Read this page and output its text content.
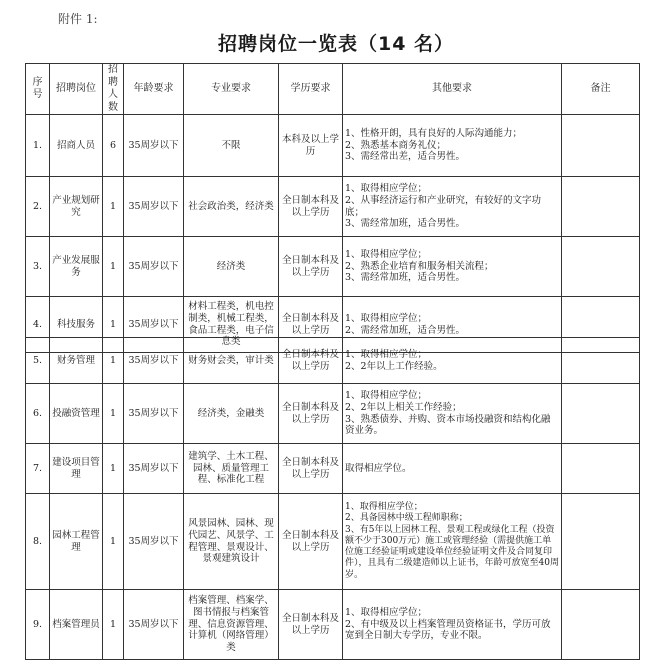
附件 1:
招聘岗位一览表（14 名）
序号	招聘岗位	招聘人数	年龄要求	专业要求	学历要求	其他要求	备注
1.	招商人员	6	35周岁以下	不限	本科及以上学历	1、性格开朗，具有良好的人际沟通能力；
2、熟悉基本商务礼仪；
3、需经常出差，适合男性。	
2.	产业规划研究	1	35周岁以下	社会政治类，经济类	全日制本科及以上学历	1、取得相应学位；
2、从事经济运行和产业研究，有较好的文字功底；
3、需经常加班，适合男性。	
3.	产业发展服务	1	35周岁以下	经济类	全日制本科及以上学历	1、取得相应学位；
2、熟悉企业培育和服务相关流程；
3、需经常加班，适合男性。	
4.	科技服务	1	35周岁以下	材料工程类，机电控制类，机械工程类，食品工程类，电子信息类	全日制本科及以上学历	1、取得相应学位；
2、需经常加班，适合男性。	
5.	财务管理	1	35周岁以下	财务财会类，审计类	全日制本科及以上学历	1、取得相应学位；
2、2年以上工作经验。	
6.	投融资管理	1	35周岁以下	经济类，金融类	全日制本科及以上学历	1、取得相应学位；
2、2年以上相关工作经验；
3、熟悉债券、并购、资本市场投融资和结构化融资业务。	
7.	建设项目管理	1	35周岁以下	建筑学、土木工程、园林、质量管理工程、标准化工程	全日制本科及以上学历	取得相应学位。	
8.	园林工程管理	1	35周岁以下	风景园林、园林、现代园艺、风景学、工程管理、景观设计、景观建筑设计	全日制本科及以上学历	1、取得相应学位；
2、具备园林中级工程师职称；
3、有5年以上园林工程、景观工程或绿化工程（投资额不少于300万元）施工或管理经验（需提供施工单位施工经验证明或建设单位经验证明文件及合同复印件），且具有二级建造师以上证书，年龄可放宽至40周岁。	
9.	档案管理员	1	35周岁以下	档案管理、档案学、图书情报与档案管理、信息资源管理、计算机（网络管理）类	全日制本科及以上学历	1、取得相应学位；
2、有中级及以上档案管理员资格证书，学历可放宽到全日制大专学历，专业不限。	
